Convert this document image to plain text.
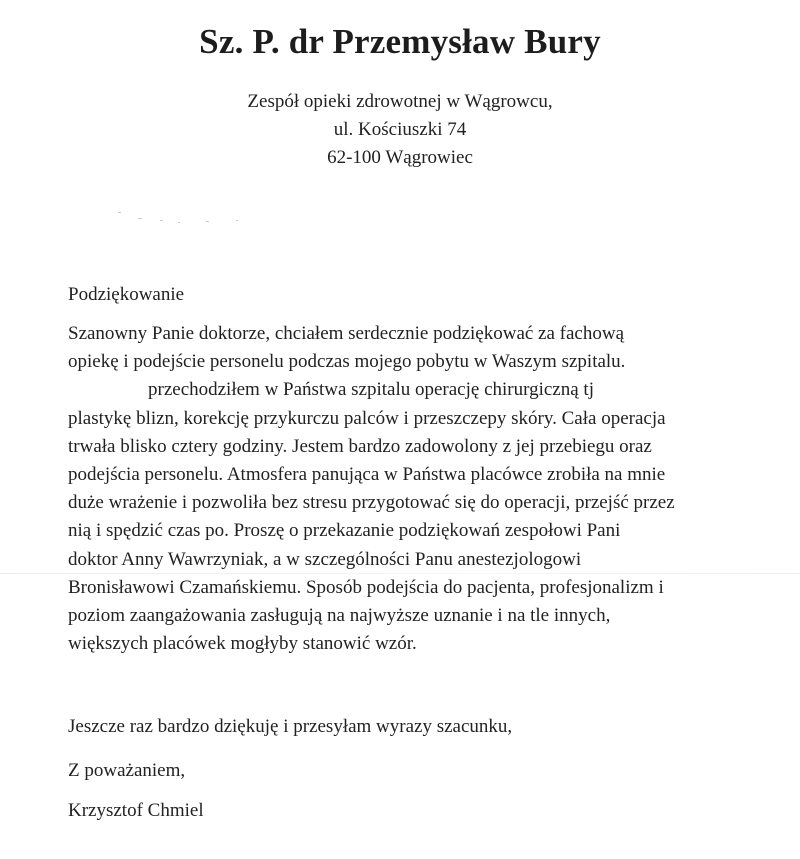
Sz. P. dr Przemysław Bury
Zespół opieki zdrowotnej w Wągrowcu,
ul. Kościuszki 74
62-100 Wągrowiec
Podziękowanie
Szanowny Panie doktorze, chciałem serdecznie podziękować za fachową
opiekę i podejście personelu podczas mojego pobytu w Waszym szpitalu.
przechodziłem w Państwa szpitalu operację chirurgiczną tj
plastykę blizn, korekcję przykurczu palców i przeszczepy skóry. Cała operacja
trwała blisko cztery godziny. Jestem bardzo zadowolony z jej przebiegu oraz
podejścia personelu. Atmosfera panująca w Państwa placówce zrobiła na mnie
duże wrażenie i pozwoliła bez stresu przygotować się do operacji, przejść przez
nią i spędzić czas po. Proszę o przekazanie podziękowań zespołowi Pani
doktor Anny Wawrzyniak, a w szczególności Panu anestezjologowi
Bronisławowi Czamańskiemu. Sposób podejścia do pacjenta, profesjonalizm i
poziom zaangażowania zasługują na najwyższe uznanie i na tle innych,
większych placówek mogłyby stanowić wzór.
Jeszcze raz bardzo dziękuję i przesyłam wyrazy szacunku,
Z poważaniem,
Krzysztof Chmiel
